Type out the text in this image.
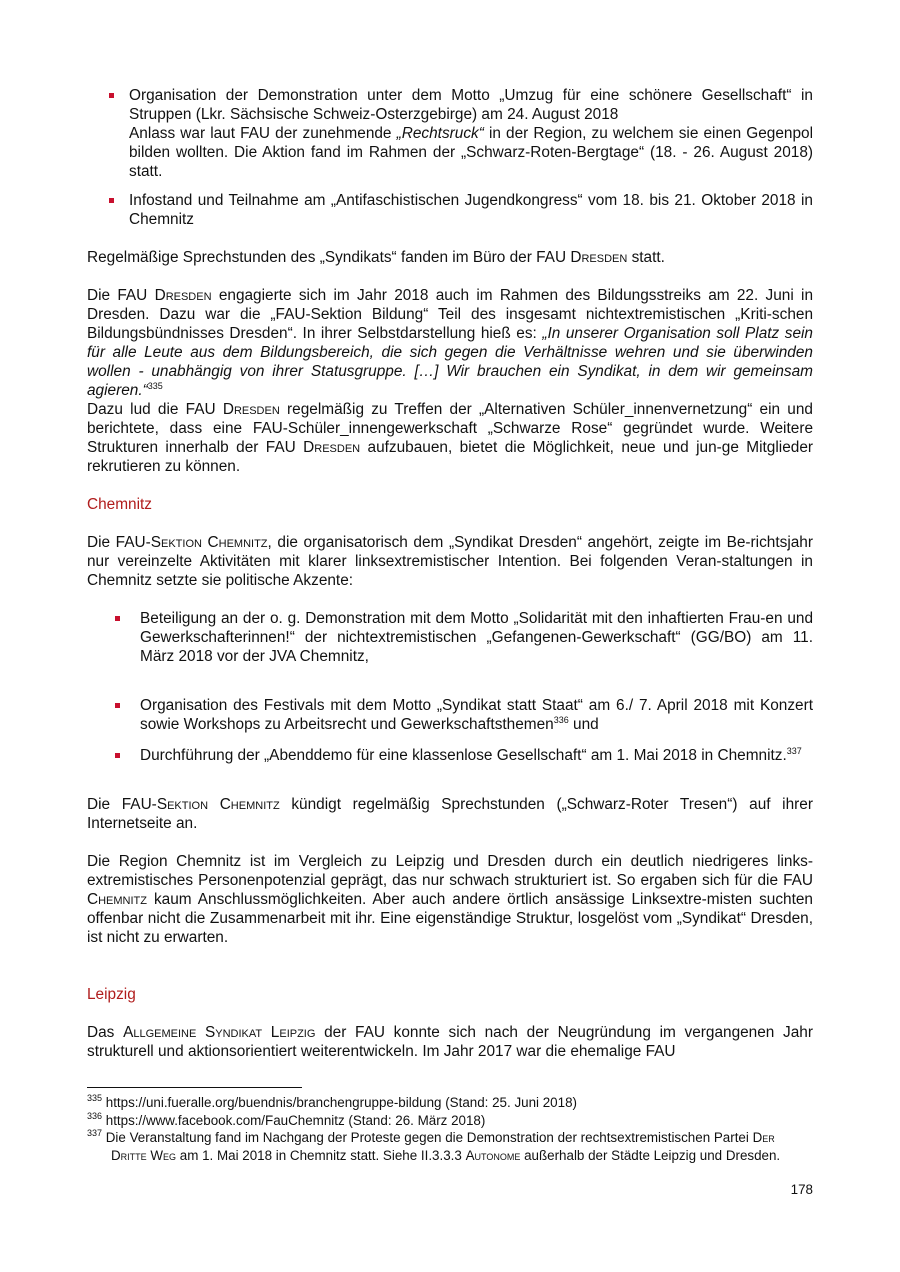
Organisation der Demonstration unter dem Motto „Umzug für eine schönere Gesellschaft“ in Struppen (Lkr. Sächsische Schweiz-Osterzgebirge) am 24. August 2018

Anlass war laut FAU der zunehmende „Rechtsruck“ in der Region, zu welchem sie einen Gegenpol bilden wollten. Die Aktion fand im Rahmen der „Schwarz-Roten-Bergtage“ (18. - 26. August 2018) statt.

Infostand und Teilnahme am „Antifaschistischen Jugendkongress“ vom 18. bis 21. Oktober 2018 in Chemnitz

Regelmäßige Sprechstunden des „Syndikats“ fanden im Büro der FAU Dresden statt.

Die FAU Dresden engagierte sich im Jahr 2018 auch im Rahmen des Bildungsstreiks am 22. Juni in Dresden. Dazu war die „FAU-Sektion Bildung“ Teil des insgesamt nichtextremistischen „Kriti-schen Bildungsbündnisses Dresden“. In ihrer Selbstdarstellung hieß es: „In unserer Organisation soll Platz sein für alle Leute aus dem Bildungsbereich, die sich gegen die Verhältnisse wehren und sie überwinden wollen - unabhängig von ihrer Statusgruppe. […] Wir brauchen ein Syndikat, in dem wir gemeinsam agieren.“$^{335}$

Dazu lud die FAU Dresden regelmäßig zu Treffen der „Alternativen Schüler_innenvernetzung“ ein und berichtete, dass eine FAU-Schüler_innengewerkschaft „Schwarze Rose“ gegründet wurde. Weitere Strukturen innerhalb der FAU Dresden aufzubauen, bietet die Möglichkeit, neue und jun-ge Mitglieder rekrutieren zu können.

Chemnitz

Die FAU-Sektion Chemnitz, die organisatorisch dem „Syndikat Dresden“ angehört, zeigte im Be-richtsjahr nur vereinzelte Aktivitäten mit klarer linksextremistischer Intention. Bei folgenden Veran-staltungen in Chemnitz setzte sie politische Akzente:

Beteiligung an der o. g. Demonstration mit dem Motto „Solidarität mit den inhaftierten Frau-en und Gewerkschafterinnen!“ der nichtextremistischen „Gefangenen-Gewerkschaft“ (GG/BO) am 11. März 2018 vor der JVA Chemnitz,

Organisation des Festivals mit dem Motto „Syndikat statt Staat“ am 6./ 7. April 2018 mit Konzert sowie Workshops zu Arbeitsrecht und Gewerkschaftsthemen$^{336}$ und

Durchführung der „Abenddemo für eine klassenlose Gesellschaft“ am 1. Mai 2018 in Chemnitz.$^{337}$

Die FAU-Sektion Chemnitz kündigt regelmäßig Sprechstunden („Schwarz-Roter Tresen“) auf ihrer Internetseite an.

Die Region Chemnitz ist im Vergleich zu Leipzig und Dresden durch ein deutlich niedrigeres links-extremistisches Personenpotenzial geprägt, das nur schwach strukturiert ist. So ergaben sich für die FAU Chemnitz kaum Anschlussmöglichkeiten. Aber auch andere örtlich ansässige Linksextre-misten suchten offenbar nicht die Zusammenarbeit mit ihr. Eine eigenständige Struktur, losgelöst vom „Syndikat“ Dresden, ist nicht zu erwarten.

Leipzig

Das Allgemeine Syndikat Leipzig der FAU konnte sich nach der Neugründung im vergangenen Jahr strukturell und aktionsorientiert weiterentwickeln. Im Jahr 2017 war die ehemalige FAU

$^{335}$ https://uni.fueralle.org/buendnis/branchengruppe-bildung (Stand: 25. Juni 2018)

$^{336}$ https://www.facebook.com/FauChemnitz (Stand: 26. März 2018)

$^{337}$ Die Veranstaltung fand im Nachgang der Proteste gegen die Demonstration der rechtsextremistischen Partei Der Dritte Weg am 1. Mai 2018 in Chemnitz statt. Siehe II.3.3.3 Autonome außerhalb der Städte Leipzig und Dresden.

178
